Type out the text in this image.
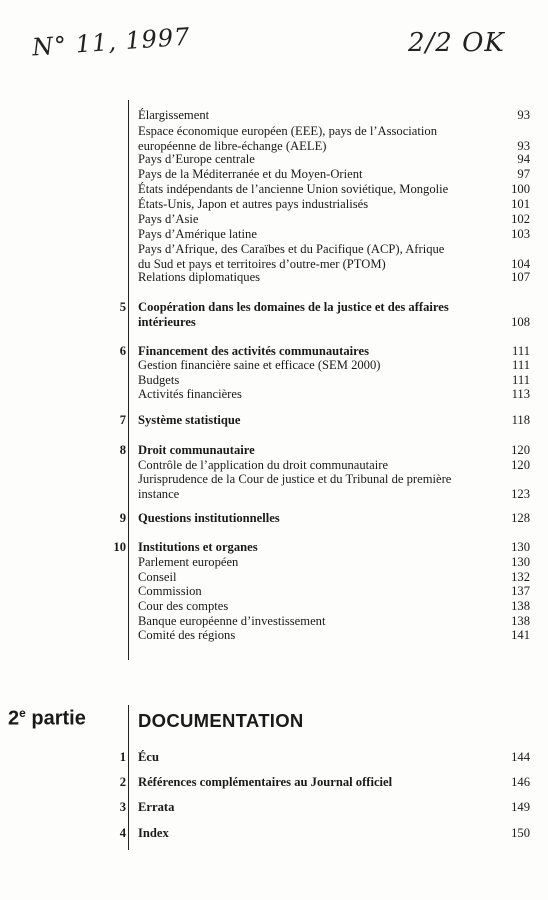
N° 11, 1997	2/2 OK
Élargissement	93
Espace économique européen (EEE), pays de l’Association
européenne de libre-échange (AELE)	93
Pays d’Europe centrale	94
Pays de la Méditerranée et du Moyen-Orient	97
États indépendants de l’ancienne Union soviétique, Mongolie	100
États-Unis, Japon et autres pays industrialisés	101
Pays d’Asie	102
Pays d’Amérique latine	103
Pays d’Afrique, des Caraïbes et du Pacifique (ACP), Afrique
du Sud et pays et territoires d’outre-mer (PTOM)	104
Relations diplomatiques	107
5 Coopération dans les domaines de la justice et des affaires
intérieures	108
6 Financement des activités communautaires	111
Gestion financière saine et efficace (SEM 2000)	111
Budgets	111
Activités financières	113
7 Système statistique	118
8 Droit communautaire	120
Contrôle de l’application du droit communautaire	120
Jurisprudence de la Cour de justice et du Tribunal de première
instance	123
9 Questions institutionnelles	128
10 Institutions et organes	130
Parlement européen	130
Conseil	132
Commission	137
Cour des comptes	138
Banque européenne d’investissement	138
Comité des régions	141
2e partie	DOCUMENTATION
1 Écu	144
2 Références complémentaires au Journal officiel	146
3 Errata	149
4 Index	150
